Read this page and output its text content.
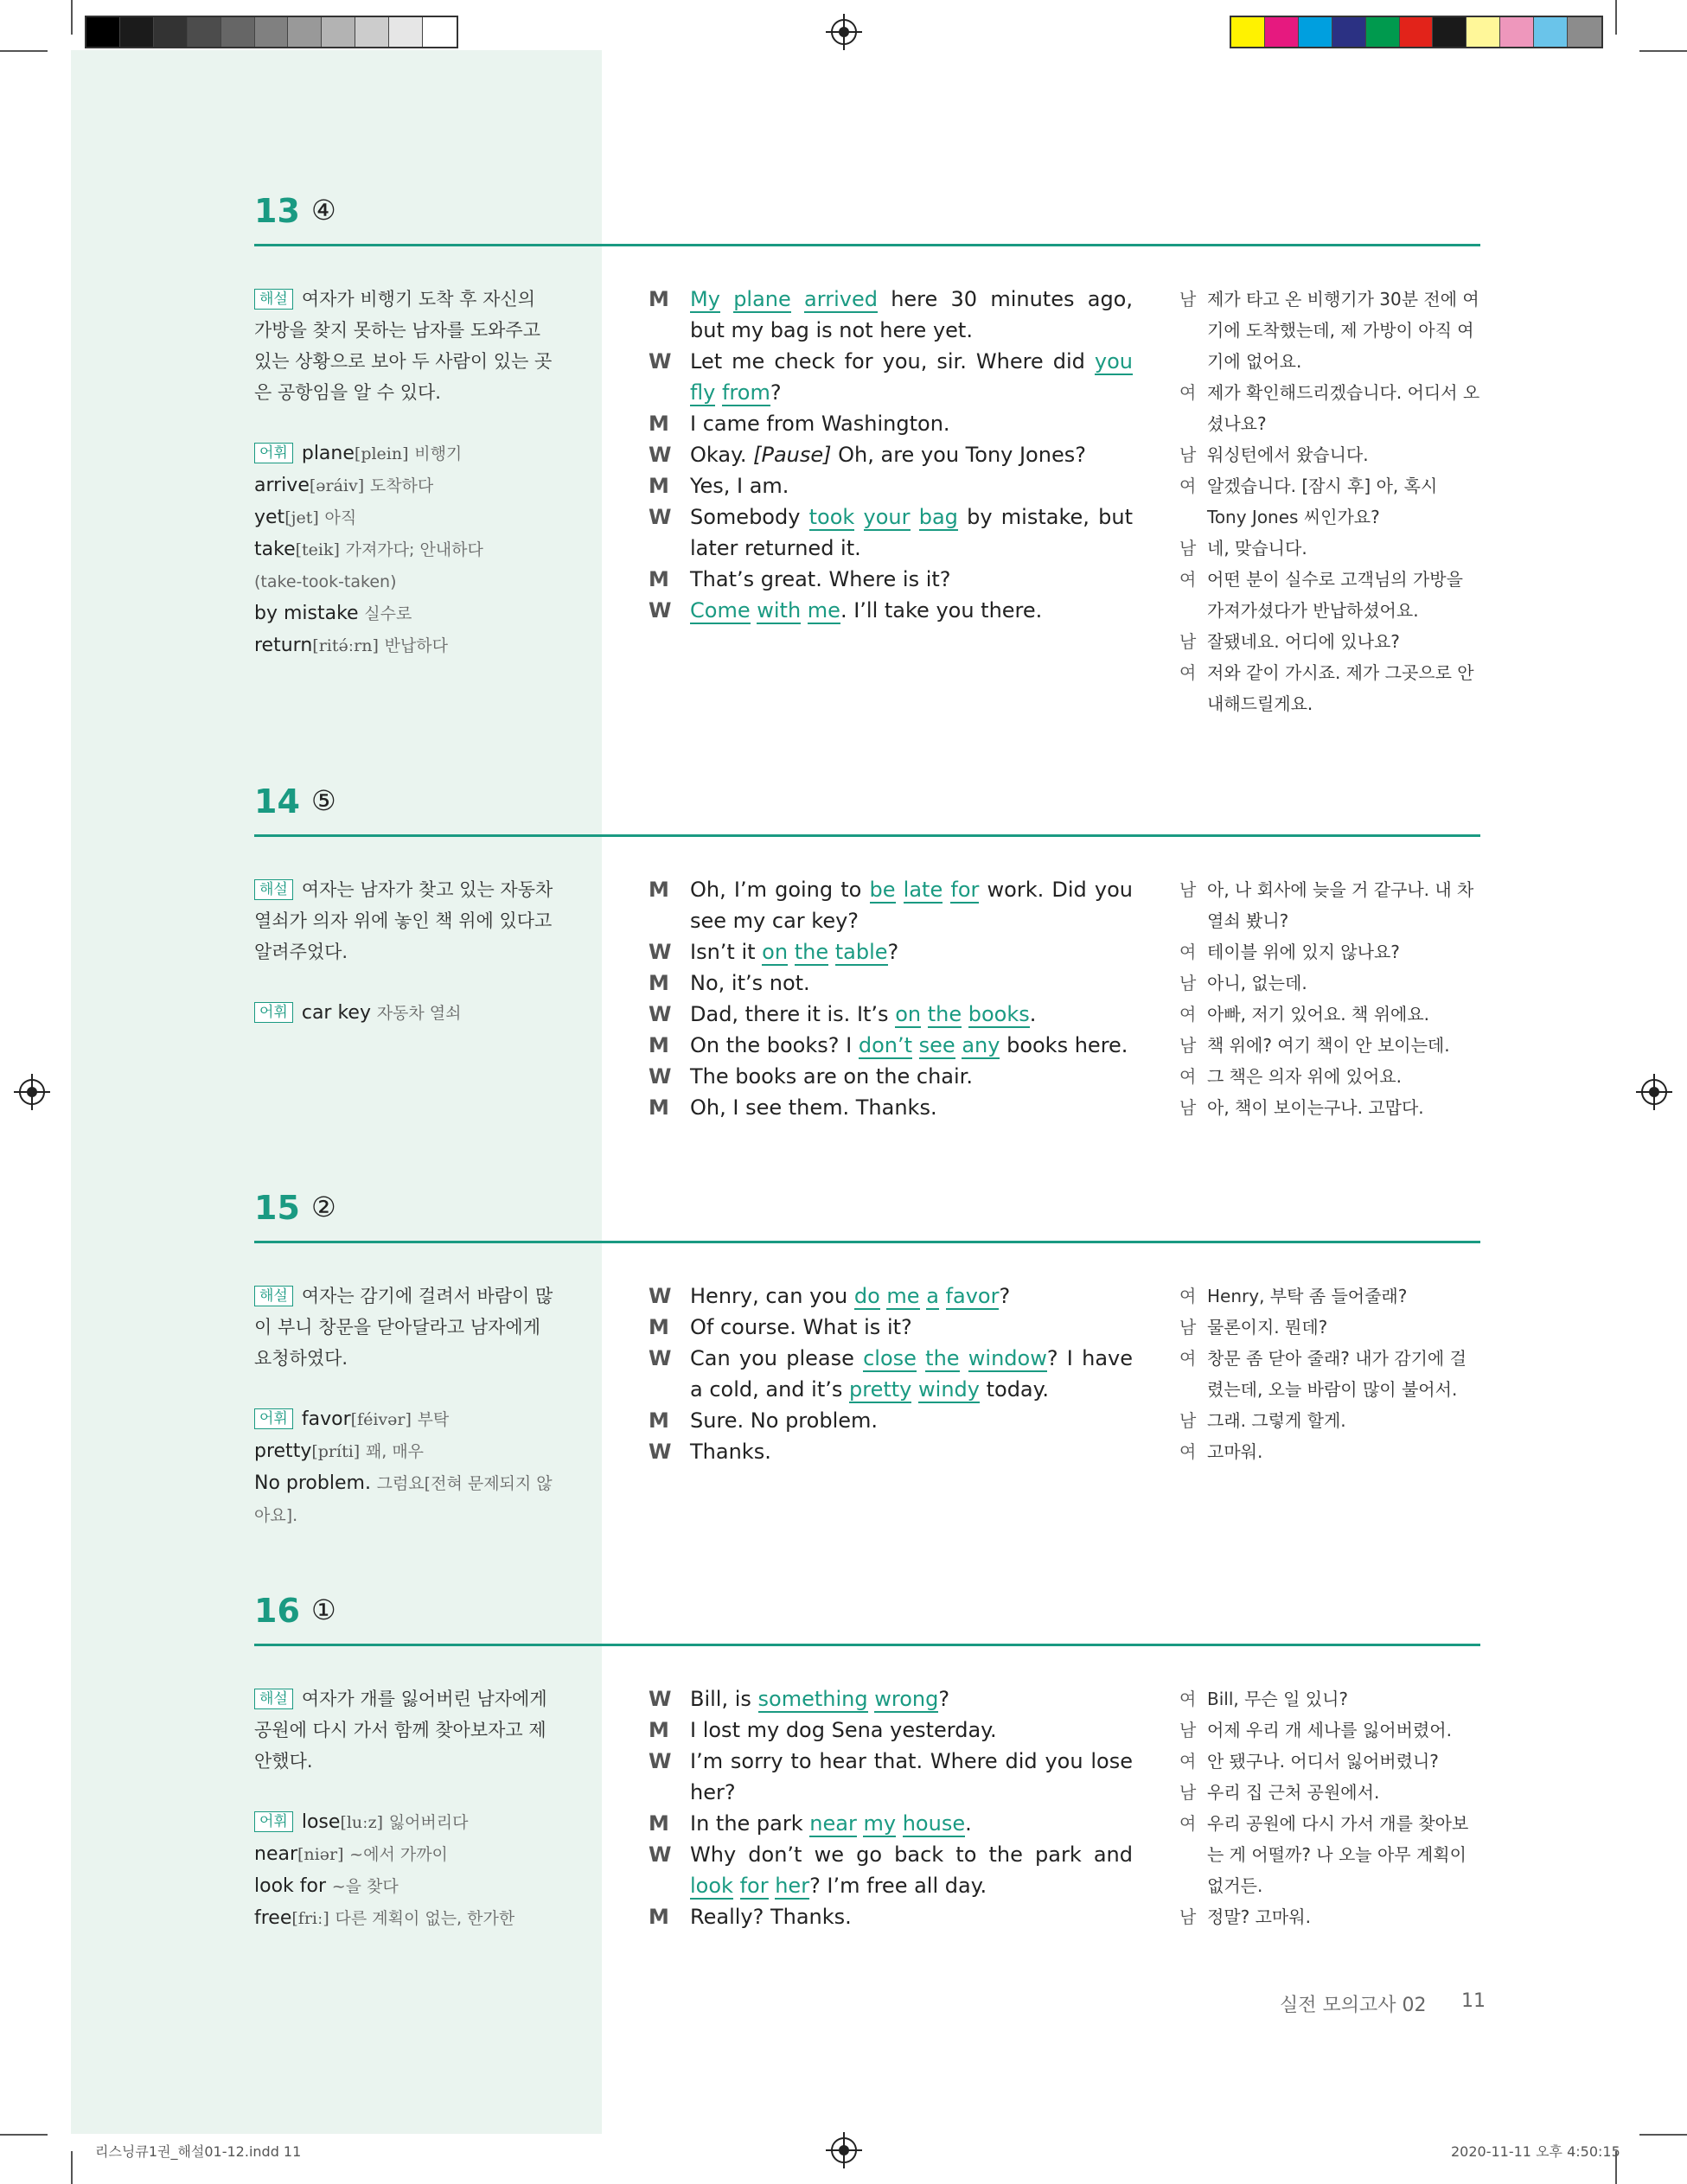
13 ④
해설 여자가 비행기 도착 후 자신의 가방을 찾지 못하는 남자를 도와주고 있는 상황으로 보아 두 사람이 있는 곳은 공항임을 알 수 있다.
어휘 plane[plein] 비행기
arrive[əráiv] 도착하다
yet[jet] 아직
take[teik] 가져가다; 안내하다
(take-took-taken)
by mistake 실수로
return[ritə́ːrn] 반납하다
M	My plane arrived here 30 minutes ago, but my bag is not here yet.
W Let me check for you, sir. Where did you fly from?
M	I came from Washington.
W Okay. [Pause] Oh, are you Tony Jones?
M	Yes, I am.
W Somebody took your bag by mistake, but later returned it.
M	That’s great. Where is it?
W Come with me. I’ll take you there.
남 제가 타고 온 비행기가 30분 전에 여기에 도착했는데, 제 가방이 아직 여기에 없어요.
여 제가 확인해드리겠습니다. 어디서 오셨나요?
남 워싱턴에서 왔습니다.
여 알겠습니다. [잠시 후] 아, 혹시 Tony Jones 씨인가요?
남 네, 맞습니다.
여 어떤 분이 실수로 고객님의 가방을 가져가셨다가 반납하셨어요.
남 잘됐네요. 어디에 있나요?
여 저와 같이 가시죠. 제가 그곳으로 안내해드릴게요.
14 ⑤
해설 여자는 남자가 찾고 있는 자동차 열쇠가 의자 위에 놓인 책 위에 있다고 알려주었다.
어휘 car key 자동차 열쇠
M	Oh, I’m going to be late for work. Did you see my car key?
W Isn’t it on the table?
M	No, it’s not.
W Dad, there it is. It’s on the books.
M	On the books? I don’t see any books here.
W The books are on the chair.
M	Oh, I see them. Thanks.
남 아, 나 회사에 늦을 거 같구나. 내 차 열쇠 봤니?
여 테이블 위에 있지 않나요?
남 아니, 없는데.
여 아빠, 저기 있어요. 책 위에요.
남 책 위에? 여기 책이 안 보이는데.
여 그 책은 의자 위에 있어요.
남 아, 책이 보이는구나. 고맙다.
15 ②
해설 여자는 감기에 걸려서 바람이 많이 부니 창문을 닫아달라고 남자에게 요청하였다.
어휘 favor[féivər] 부탁
pretty[príti] 꽤, 매우
No problem. 그럼요[전혀 문제되지 않아요].
W Henry, can you do me a favor?
M	Of course. What is it?
W Can you please close the window? I have a cold, and it’s pretty windy today.
M	Sure. No problem.
W Thanks.
여 Henry, 부탁 좀 들어줄래?
남 물론이지. 뭔데?
여 창문 좀 닫아 줄래? 내가 감기에 걸렸는데, 오늘 바람이 많이 불어서.
남 그래. 그렇게 할게.
여 고마워.
16 ①
해설 여자가 개를 잃어버린 남자에게 공원에 다시 가서 함께 찾아보자고 제안했다.
어휘 lose[luːz] 잃어버리다
near[niər] ~에서 가까이
look for ~을 찾다
free[friː] 다른 계획이 없는, 한가한
W Bill, is something wrong?
M	I lost my dog Sena yesterday.
W I’m sorry to hear that. Where did you lose her?
M	In the park near my house.
W Why don’t we go back to the park and look for her? I’m free all day.
M	Really? Thanks.
여 Bill, 무슨 일 있니?
남 어제 우리 개 세나를 잃어버렸어.
여 안 됐구나. 어디서 잃어버렸니?
남 우리 집 근처 공원에서.
여 우리 공원에 다시 가서 개를 찾아보는 게 어떨까? 나 오늘 아무 계획이 없거든.
남 정말? 고마워.
실전 모의고사 02 11
리스닝큐1권_해설01-12.indd 11	2020-11-11 오후 4:50:15
